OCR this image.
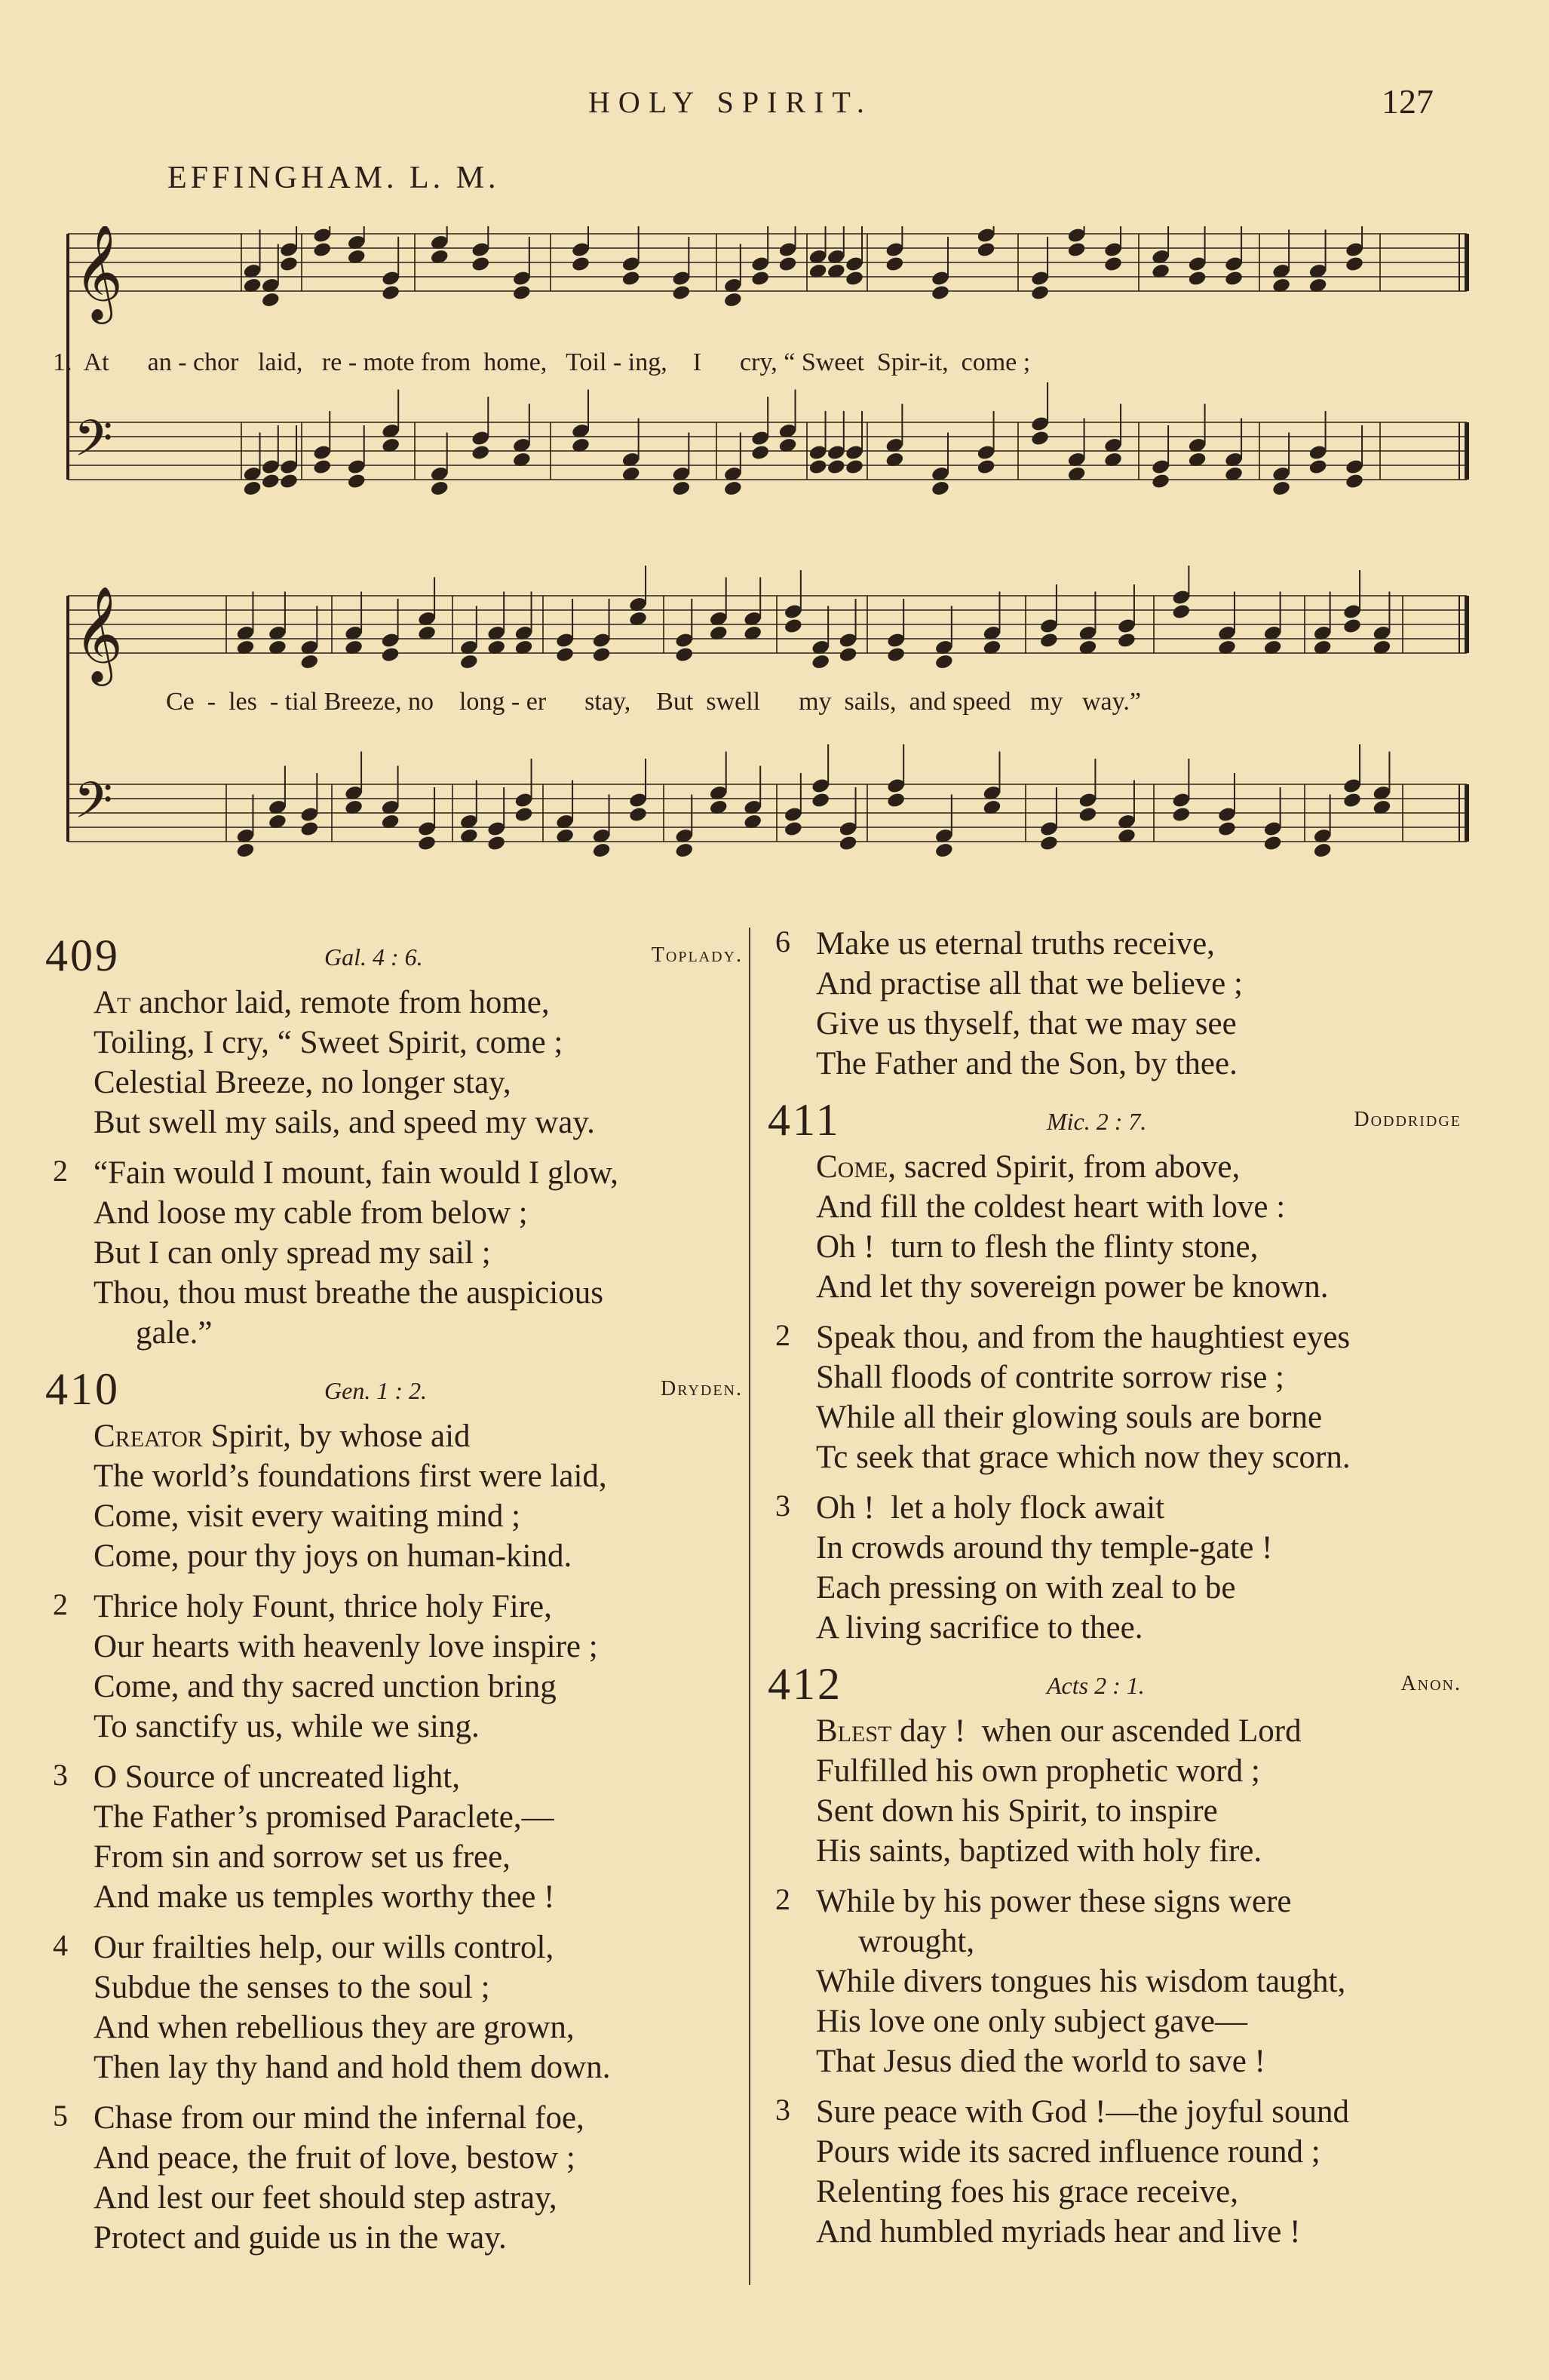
HOLY SPIRIT.	127
EFFINGHAM. L. M.
𝄞
𝄢
1.  At      an - chor   laid,   re - mote from  home,   Toil - ing,    I      cry, “ Sweet  Spir-it,  come ;
𝄞
𝄢
Ce  -  les  - tial Breeze, no    long - er      stay,    But  swell      my  sails,  and speed   my   way.”
409	Gal. 4 : 6.	Toplady.
At anchor laid, remote from home,
Toiling, I cry, “ Sweet Spirit, come ;
Celestial Breeze, no longer stay,
But swell my sails, and speed my way.
2 “Fain would I mount, fain would I glow,
And loose my cable from below ;
But I can only spread my sail ;
Thou, thou must breathe the auspicious
gale.”
410	Gen. 1 : 2.	Dryden.
Creator Spirit, by whose aid
The world’s foundations first were laid,
Come, visit every waiting mind ;
Come, pour thy joys on human-kind.
2 Thrice holy Fount, thrice holy Fire,
Our hearts with heavenly love inspire ;
Come, and thy sacred unction bring
To sanctify us, while we sing.
3 O Source of uncreated light,
The Father’s promised Paraclete,—
From sin and sorrow set us free,
And make us temples worthy thee !
4 Our frailties help, our wills control,
Subdue the senses to the soul ;
And when rebellious they are grown,
Then lay thy hand and hold them down.
5 Chase from our mind the infernal foe,
And peace, the fruit of love, bestow ;
And lest our feet should step astray,
Protect and guide us in the way.
6 Make us eternal truths receive,
And practise all that we believe ;
Give us thyself, that we may see
The Father and the Son, by thee.
411	Mic. 2 : 7.	Doddridge
Come, sacred Spirit, from above,
And fill the coldest heart with love :
Oh !  turn to flesh the flinty stone,
And let thy sovereign power be known.
2 Speak thou, and from the haughtiest eyes
Shall floods of contrite sorrow rise ;
While all their glowing souls are borne
Tc seek that grace which now they scorn.
3 Oh !  let a holy flock await
In crowds around thy temple-gate !
Each pressing on with zeal to be
A living sacrifice to thee.
412	Acts 2 : 1.	Anon.
Blest day !  when our ascended Lord
Fulfilled his own prophetic word ;
Sent down his Spirit, to inspire
His saints, baptized with holy fire.
2 While by his power these signs were
wrought,
While divers tongues his wisdom taught,
His love one only subject gave—
That Jesus died the world to save !
3 Sure peace with God !—the joyful sound
Pours wide its sacred influence round ;
Relenting foes his grace receive,
And humbled myriads hear and live !
